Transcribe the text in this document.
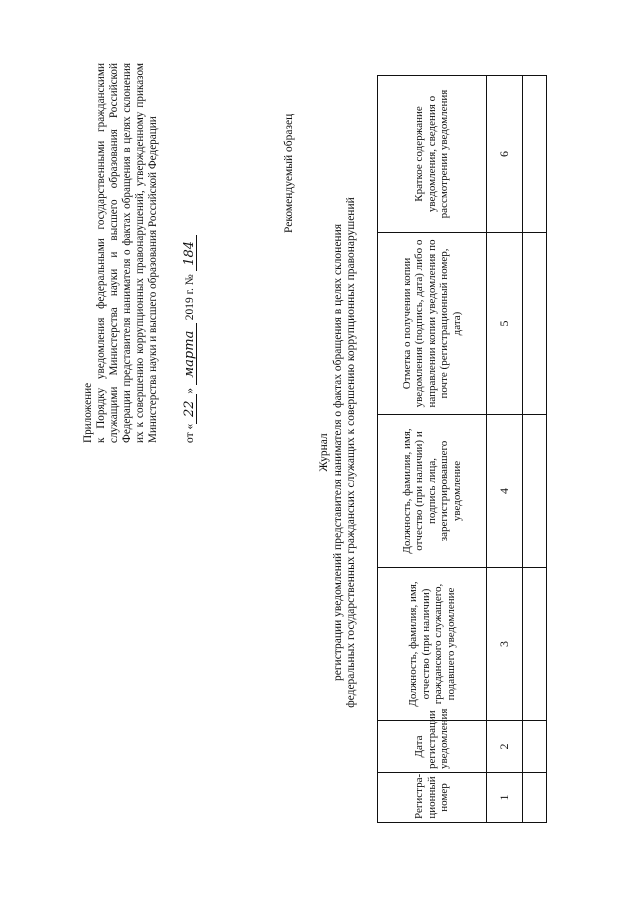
Приложение к Порядку уведомления федеральными государственными гражданскими служащими Министерства науки и высшего образования Российской Федерации представителя нанимателя о фактах обращения в целях склонения их к совершению коррупционных правонарушений, утвержденному приказом Министерства науки и высшего образования Российской Федерации от «22» марта 2019 г. № 184
Рекомендуемый образец
Журнал регистрации уведомлений представителя нанимателя о фактах обращения в целях склонения федеральных государственных гражданских служащих к совершению коррупционных правонарушений
Регистра-ционный номер	Дата регистрации уведомления	Должность, фамилия, имя, отчество (при наличии) гражданского служащего, подавшего уведомление	Должность, фамилия, имя, отчество (при наличии) и подпись лица, зарегистрировавшего уведомление	Отметка о получении копии уведомления (подпись, дата) либо о направлении копии уведомления по почте (регистрационный номер, дата)	Краткое содержание уведомления, сведения о рассмотрении уведомления
1	2	3	4	5	6
